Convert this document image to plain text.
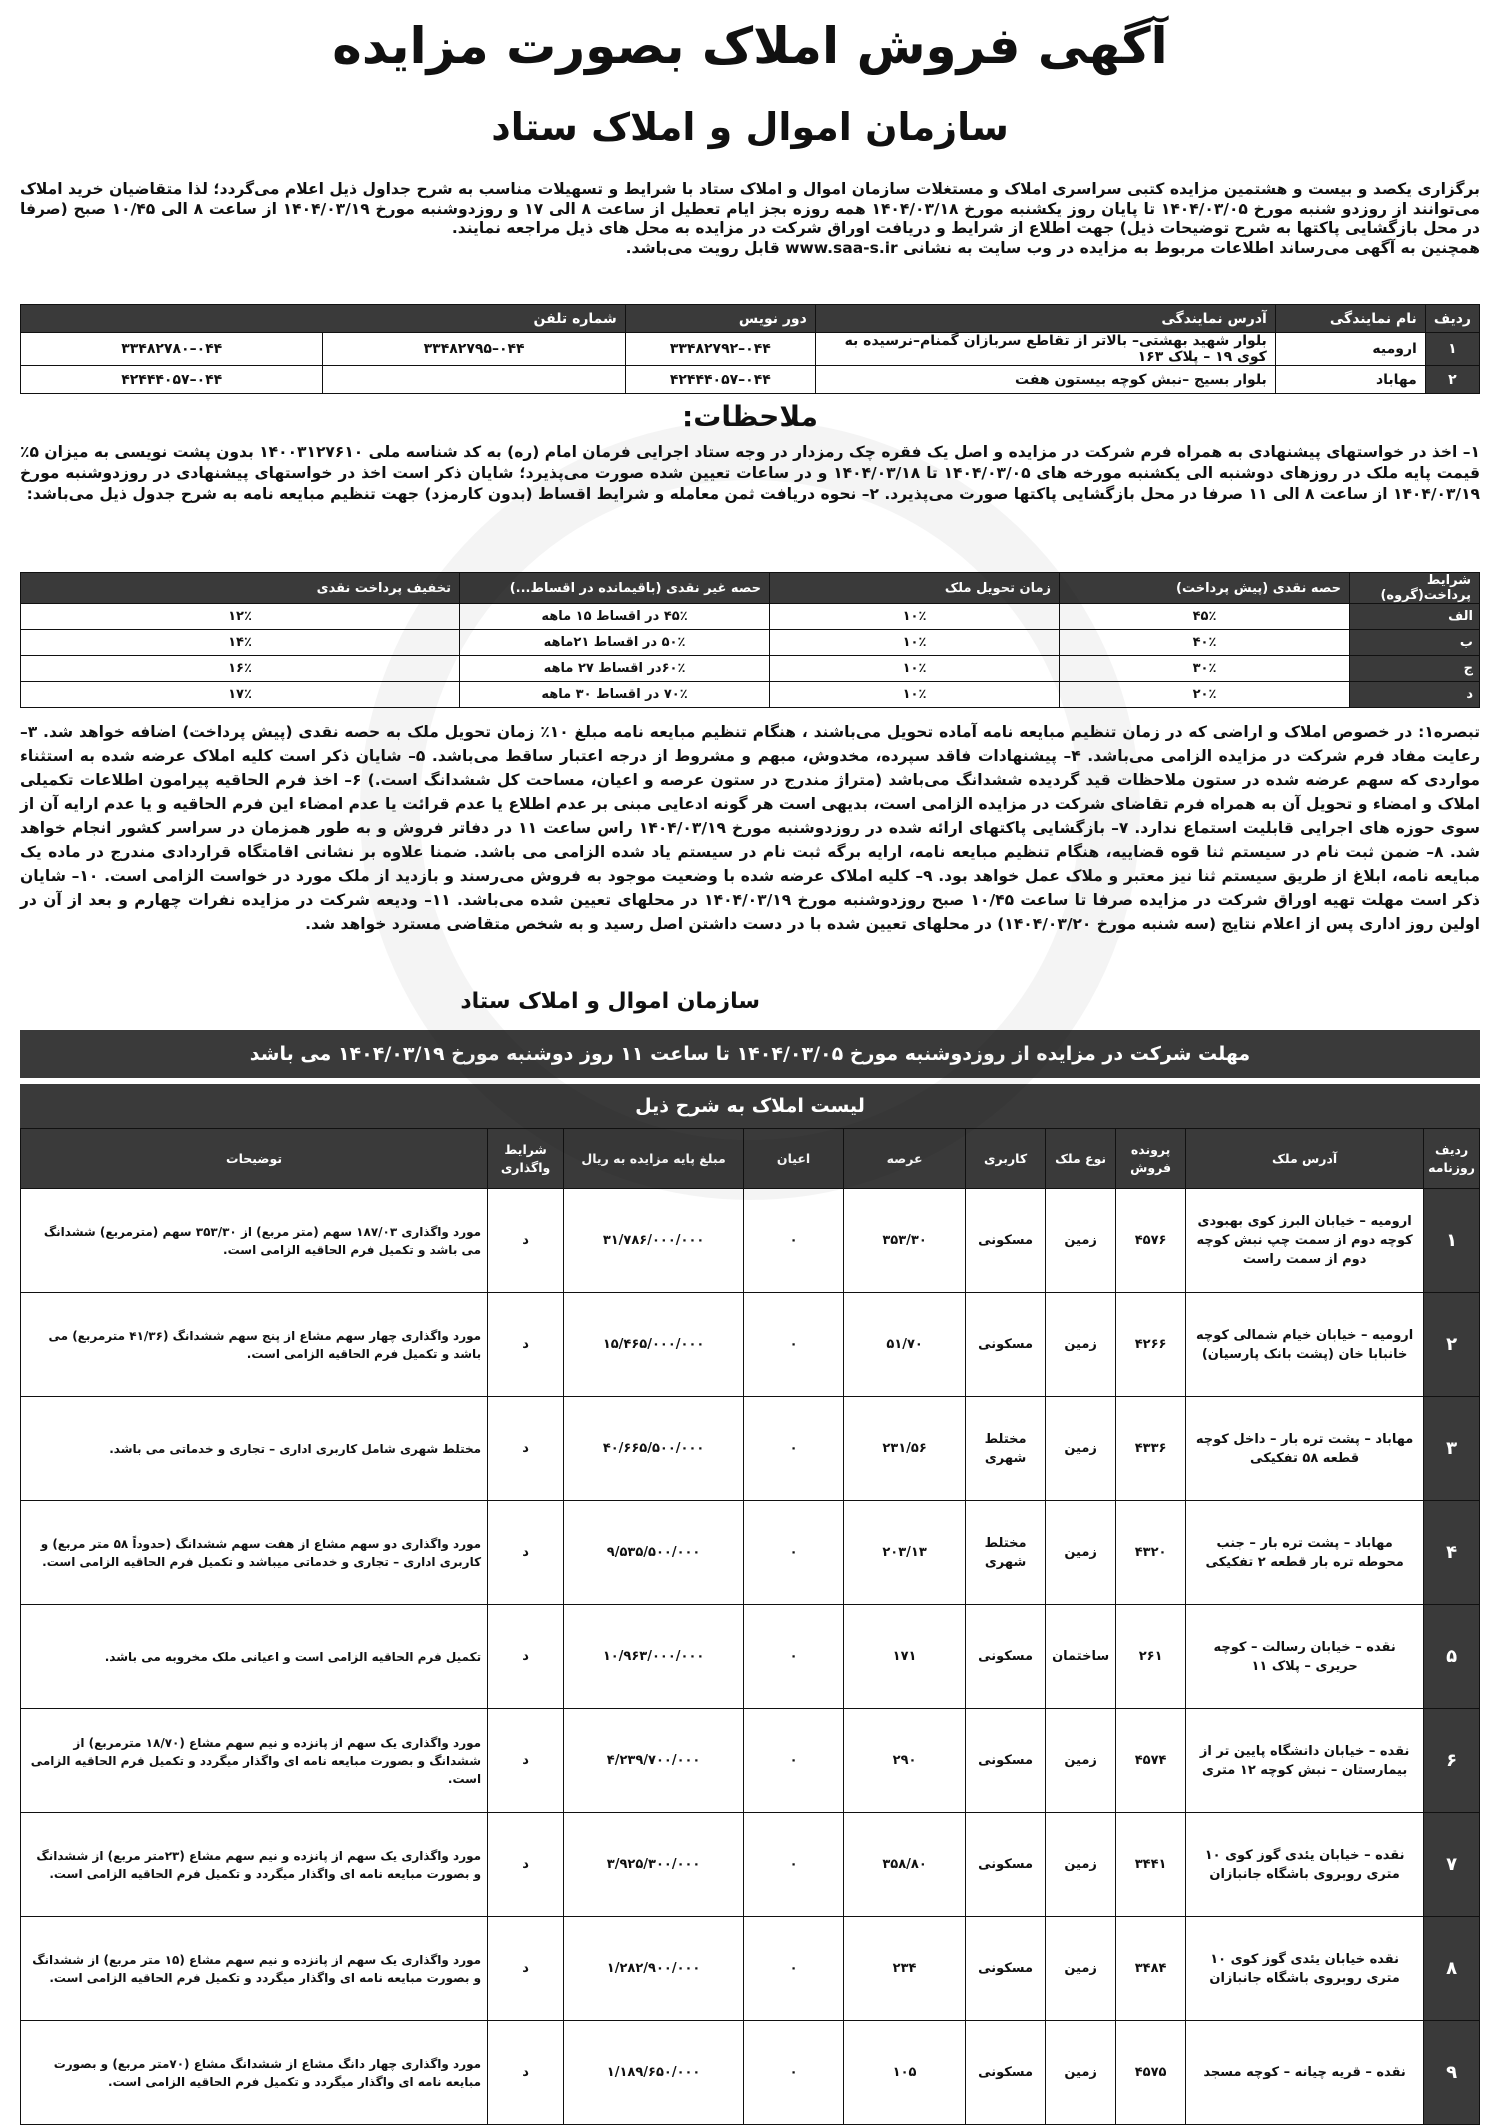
آگهی فروش املاک بصورت مزایده
سازمان اموال و املاک ستاد

برگزاری یکصد و بیست و هشتمین مزایده کتبی سراسری املاک و مستغلات سازمان اموال و املاک ستاد با شرایط و تسهیلات مناسب به شرح جداول ذیل اعلام می‌گردد؛ لذا متقاضیان خرید املاک می‌توانند از روزدو شنبه مورخ ۱۴۰۴/۰۳/۰۵ تا پایان روز یکشنبه مورخ ۱۴۰۴/۰۳/۱۸ همه روزه بجز ایام تعطیل از ساعت ۸ الی ۱۷ و روزدوشنبه مورخ ۱۴۰۴/۰۳/۱۹ از ساعت ۸ الی ۱۰/۴۵ صبح (صرفا در محل بازگشایی پاکتها به شرح توضیحات ذیل) جهت اطلاع از شرایط و دریافت اوراق شرکت در مزایده به محل های ذیل مراجعه نمایند.

همچنین به آگهی می‌رساند اطلاعات مربوط به مزایده در وب سایت به نشانی www.saa-s.ir قابل رویت می‌باشد.

ردیف	نام نمایندگی	آدرس نمایندگی	دور نویس	شماره تلفن	
۱	ارومیه	بلوار شهید بهشتی– بالاتر از تقاطع سربازان گمنام–نرسیده به کوی ۱۹ – پلاک ۱۶۳	۰۴۴–۳۳۴۸۲۷۹۲	۰۴۴–۳۳۴۸۲۷۹۵	۰۴۴–۳۳۴۸۲۷۸۰
۲	مهاباد	بلوار بسیج –نبش کوچه بیستون هفت	۰۴۴–۴۲۴۴۴۰۵۷		۰۴۴–۴۲۴۴۴۰۵۷
ملاحظات:
۱– اخذ در خواستهای پیشنهادی به همراه فرم شرکت در مزایده و اصل یک فقره چک رمزدار در وجه ستاد اجرایی فرمان امام (ره) به کد شناسه ملی ۱۴۰۰۳۱۲۷۶۱۰ بدون پشت نویسی به میزان ۵٪ قیمت پایه ملک در روزهای دوشنبه الی یکشنبه مورخه های ۱۴۰۴/۰۳/۰۵ تا ۱۴۰۴/۰۳/۱۸ و در ساعات تعیین شده صورت می‌پذیرد؛ شایان ذکر است اخذ در خواستهای پیشنهادی در روزدوشنبه مورخ ۱۴۰۴/۰۳/۱۹ از ساعت ۸ الی ۱۱ صرفا در محل بازگشایی پاکتها صورت می‌پذیرد. ۲– نحوه دریافت ثمن معامله و شرایط اقساط (بدون کارمزد) جهت تنظیم مبایعه نامه به شرح جدول ذیل می‌باشد:
شرایط پرداخت(گروه)	حصه نقدی (پیش پرداخت)	زمان تحویل ملک	حصه غیر نقدی (باقیمانده در اقساط...)	تخفیف پرداخت نقدی
الف	۴۵٪	۱۰٪	۴۵٪ در اقساط ۱۵ ماهه	۱۲٪
ب	۴۰٪	۱۰٪	۵۰٪ در اقساط ۲۱ماهه	۱۴٪
ج	۳۰٪	۱۰٪	۶۰٪در اقساط ۲۷ ماهه	۱۶٪
د	۲۰٪	۱۰٪	۷۰٪ در اقساط ۳۰ ماهه	۱۷٪
تبصره۱: در خصوص املاک و اراضی که در زمان تنظیم مبایعه نامه آماده تحویل می‌باشند ، هنگام تنظیم مبایعه نامه مبلغ ۱۰٪ زمان تحویل ملک به حصه نقدی (پیش پرداخت) اضافه خواهد شد. ۳– رعایت مفاد فرم شرکت در مزایده الزامی می‌باشد. ۴– پیشنهادات فاقد سپرده، مخدوش، مبهم و مشروط از درجه اعتبار ساقط می‌باشد. ۵– شایان ذکر است کلیه املاک عرضه شده به استثناء مواردی که سهم عرضه شده در ستون ملاحظات قید گردیده ششدانگ می‌باشد (متراژ مندرج در ستون عرصه و اعیان، مساحت کل ششدانگ است.) ۶– اخذ فرم الحاقیه پیرامون اطلاعات تکمیلی املاک و امضاء و تحویل آن به همراه فرم تقاضای شرکت در مزایده الزامی است، بدیهی است هر گونه ادعایی مبنی بر عدم اطلاع یا عدم قرائت یا عدم امضاء این فرم الحاقیه و یا عدم ارایه آن از سوی حوزه های اجرایی قابلیت استماع ندارد. ۷– بازگشایی پاکتهای ارائه شده در روزدوشنبه مورخ ۱۴۰۴/۰۳/۱۹ راس ساعت ۱۱ در دفاتر فروش و به طور همزمان در سراسر کشور انجام خواهد شد. ۸– ضمن ثبت نام در سیستم ثنا قوه قضاییه، هنگام تنظیم مبایعه نامه، ارایه برگه ثبت نام در سیستم یاد شده الزامی می باشد. ضمنا علاوه بر نشانی اقامتگاه قراردادی مندرج در ماده یک مبایعه نامه، ابلاغ از طریق سیستم ثنا نیز معتبر و ملاک عمل خواهد بود. ۹– کلیه املاک عرضه شده با وضعیت موجود به فروش می‌رسند و بازدید از ملک مورد در خواست الزامی است. ۱۰– شایان ذکر است مهلت تهیه اوراق شرکت در مزایده صرفا تا ساعت ۱۰/۴۵ صبح روزدوشنبه مورخ ۱۴۰۴/۰۳/۱۹ در محلهای تعیین شده می‌باشد. ۱۱– ودیعه شرکت در مزایده نفرات چهارم و بعد از آن در اولین روز اداری پس از اعلام نتایج (سه شنبه مورخ ۱۴۰۴/۰۳/۲۰) در محلهای تعیین شده با در دست داشتن اصل رسید و به شخص متقاضی مسترد خواهد شد.
سازمان اموال و املاک ستاد
مهلت شرکت در مزایده از روزدوشنبه مورخ ۱۴۰۴/۰۳/۰۵ تا ساعت ۱۱ روز دوشنبه مورخ ۱۴۰۴/۰۳/۱۹ می باشد
لیست املاک به شرح ذیل
ردیف روزنامه	آدرس ملک	پرونده فروش	نوع ملک	کاربری	عرصه	اعیان	مبلغ پایه مزایده به ریال	شرایط واگذاری	توضیحات
۱	ارومیه – خیابان البرز کوی بهبودی کوچه دوم از سمت چپ نبش کوچه دوم از سمت راست	۴۵۷۶	زمین	مسکونی	۳۵۳/۳۰	۰	۳۱/۷۸۶/۰۰۰/۰۰۰	د	مورد واگذاری ۱۸۷/۰۳ سهم (متر مربع) از ۳۵۳/۳۰ سهم (مترمربع) ششدانگ می باشد و تکمیل فرم الحاقیه الزامی است.
۲	ارومیه – خیابان خیام شمالی کوچه خانبابا خان (پشت بانک پارسیان)	۴۲۶۶	زمین	مسکونی	۵۱/۷۰	۰	۱۵/۴۶۵/۰۰۰/۰۰۰	د	مورد واگذاری چهار سهم مشاع از پنج سهم ششدانگ (۴۱/۳۶ مترمربع) می باشد و تکمیل فرم الحاقیه الزامی است.
۳	مهاباد – پشت تره بار – داخل کوچه قطعه ۵۸ تفکیکی	۴۳۳۶	زمین	مختلط شهری	۲۳۱/۵۶	۰	۴۰/۶۶۵/۵۰۰/۰۰۰	د	مختلط شهری شامل کاربری اداری – تجاری و خدماتی می باشد.
۴	مهاباد – پشت تره بار – جنب محوطه تره بار قطعه ۲ تفکیکی	۴۳۲۰	زمین	مختلط شهری	۲۰۳/۱۳	۰	۹/۵۳۵/۵۰۰/۰۰۰	د	مورد واگذاری دو سهم مشاع از هفت سهم ششدانگ (حدوداً ۵۸ متر مربع) و کاربری اداری – تجاری و خدماتی میباشد و تکمیل فرم الحاقیه الزامی است.
۵	نقده – خیابان رسالت – کوچه حریری – پلاک ۱۱	۲۶۱	ساختمان	مسکونی	۱۷۱	۰	۱۰/۹۶۳/۰۰۰/۰۰۰	د	تکمیل فرم الحاقیه الزامی است و اعیانی ملک مخروبه می باشد.
۶	نقده – خیابان دانشگاه پایین تر از بیمارستان – نبش کوچه ۱۲ متری	۴۵۷۴	زمین	مسکونی	۲۹۰	۰	۴/۲۳۹/۷۰۰/۰۰۰	د	مورد واگذاری یک سهم از پانزده و نیم سهم مشاع (۱۸/۷۰ مترمربع) از ششدانگ و بصورت مبایعه نامه ای واگذار میگردد و تکمیل فرم الحاقیه الزامی است.
۷	نقده – خیابان یئدی گوز کوی ۱۰ متری روبروی باشگاه جانبازان	۳۴۴۱	زمین	مسکونی	۳۵۸/۸۰	۰	۳/۹۲۵/۳۰۰/۰۰۰	د	مورد واگذاری یک سهم از پانزده و نیم سهم مشاع (۲۳متر مربع) از ششدانگ و بصورت مبایعه نامه ای واگذار میگردد و تکمیل فرم الحاقیه الزامی است.
۸	نقده خیابان یئدی گوز کوی ۱۰ متری روبروی باشگاه جانبازان	۳۴۸۴	زمین	مسکونی	۲۳۴	۰	۱/۲۸۲/۹۰۰/۰۰۰	د	مورد واگذاری یک سهم از پانزده و نیم سهم مشاع (۱۵ متر مربع) از ششدانگ و بصورت مبایعه نامه ای واگذار میگردد و تکمیل فرم الحاقیه الزامی است.
۹	نقده – قریه چیانه – کوچه مسجد	۴۵۷۵	زمین	مسکونی	۱۰۵	۰	۱/۱۸۹/۶۵۰/۰۰۰	د	مورد واگذاری چهار دانگ مشاع از ششدانگ مشاع (۷۰متر مربع) و بصورت مبایعه نامه ای واگذار میگردد و تکمیل فرم الحاقیه الزامی است.
